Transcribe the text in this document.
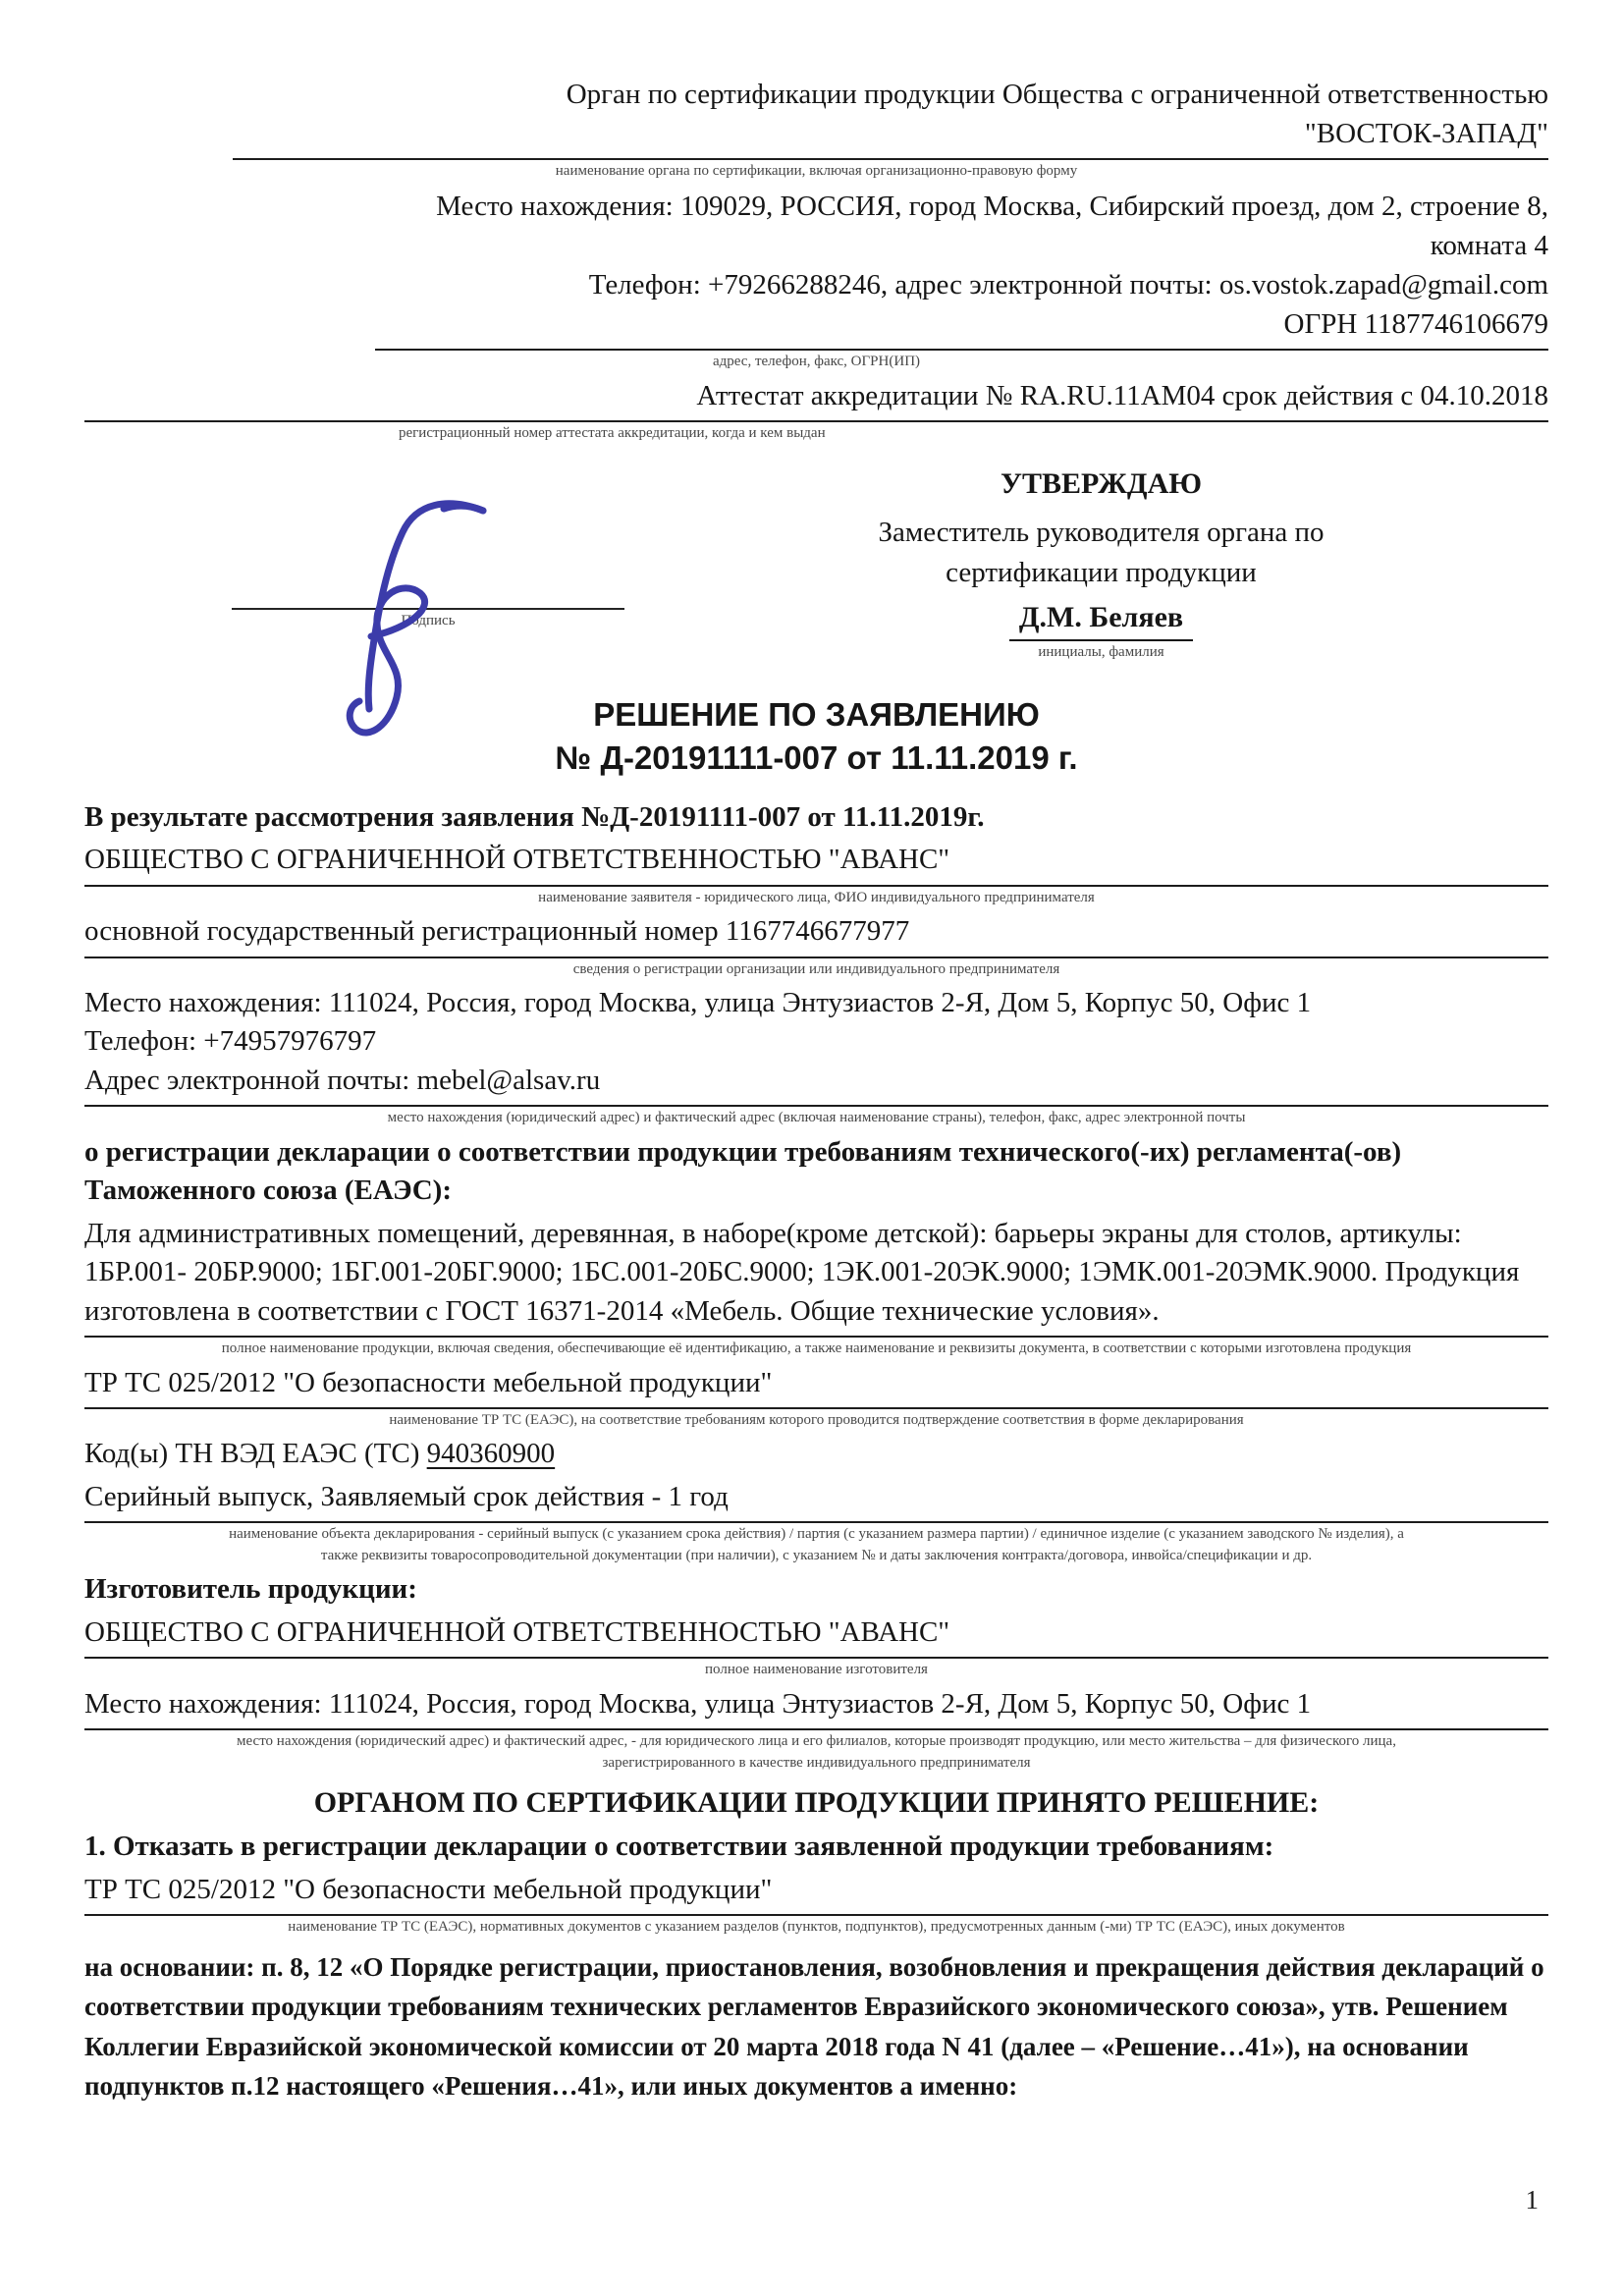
Орган по сертификации продукции Общества с ограниченной ответственностью
"ВОСТОК-ЗАПАД"
наименование органа по сертификации, включая организационно-правовую форму
Место нахождения: 109029, РОССИЯ, город Москва, Сибирский проезд, дом 2, строение 8,
комната 4
Телефон: +79266288246, адрес электронной почты: os.vostok.zapad@gmail.com
ОГРН 1187746106679
адрес, телефон, факс, ОГРН(ИП)
Аттестат аккредитации № RA.RU.11АМ04 срок действия с 04.10.2018
регистрационный номер аттестата аккредитации, когда и кем выдан
Подпись
УТВЕРЖДАЮ
Заместитель руководителя органа по
сертификации продукции
Д.М. Беляев
инициалы, фамилия
РЕШЕНИЕ ПО ЗАЯВЛЕНИЮ
№ Д-20191111-007 от 11.11.2019 г.
В результате рассмотрения заявления №Д-20191111-007 от 11.11.2019г.
ОБЩЕСТВО С ОГРАНИЧЕННОЙ ОТВЕТСТВЕННОСТЬЮ "АВАНС"
наименование заявителя - юридического лица, ФИО индивидуального предпринимателя
основной государственный регистрационный номер 1167746677977
сведения о регистрации организации или индивидуального предпринимателя
Место нахождения: 111024, Россия, город Москва, улица Энтузиастов 2-Я, Дом 5, Корпус 50, Офис 1
Телефон: +74957976797
Адрес электронной почты: mebel@alsav.ru
место нахождения (юридический адрес) и фактический адрес (включая наименование страны), телефон, факс, адрес электронной почты
о регистрации декларации о соответствии продукции требованиям технического(-их) регламента(-ов) Таможенного союза (ЕАЭС):
Для административных помещений, деревянная, в наборе(кроме детской): барьеры экраны для столов, артикулы: 1БР.001- 20БР.9000; 1БГ.001-20БГ.9000; 1БС.001-20БС.9000; 1ЭК.001-20ЭК.9000; 1ЭМК.001-20ЭМК.9000. Продукция изготовлена в соответствии с ГОСТ 16371-2014 «Мебель. Общие технические условия».
полное наименование продукции, включая сведения, обеспечивающие её идентификацию, а также наименование и реквизиты документа, в соответствии с которыми изготовлена продукция
ТР ТС 025/2012 "О безопасности мебельной продукции"
наименование ТР ТС (ЕАЭС), на соответствие требованиям которого проводится подтверждение соответствия в форме декларирования
Код(ы) ТН ВЭД ЕАЭС (ТС) 940360900
Серийный выпуск, Заявляемый срок действия - 1 год
наименование объекта декларирования - серийный выпуск (с указанием срока действия) / партия (с указанием размера партии) / единичное изделие (с указанием заводского № изделия), а
также реквизиты товаросопроводительной документации (при наличии), с указанием № и даты заключения контракта/договора, инвойса/спецификации и др.
Изготовитель продукции:
ОБЩЕСТВО С ОГРАНИЧЕННОЙ ОТВЕТСТВЕННОСТЬЮ "АВАНС"
полное наименование изготовителя
Место нахождения: 111024, Россия, город Москва, улица Энтузиастов 2-Я, Дом 5, Корпус 50, Офис 1
место нахождения (юридический адрес) и фактический адрес, - для юридического лица и его филиалов, которые производят продукцию, или место жительства – для физического лица,
зарегистрированного в качестве индивидуального предпринимателя
ОРГАНОМ ПО СЕРТИФИКАЦИИ ПРОДУКЦИИ ПРИНЯТО РЕШЕНИЕ:
1. Отказать в регистрации декларации о соответствии заявленной продукции требованиям:
ТР ТС 025/2012 "О безопасности мебельной продукции"
наименование ТР ТС (ЕАЭС), нормативных документов с указанием разделов (пунктов, подпунктов), предусмотренных данным (-ми) ТР ТС (ЕАЭС), иных документов
на основании: п. 8, 12 «О Порядке регистрации, приостановления, возобновления и прекращения действия деклараций о соответствии продукции требованиям технических регламентов Евразийского экономического союза», утв. Решением Коллегии Евразийской экономической комиссии от 20 марта 2018 года N 41 (далее – «Решение…41»), на основании подпунктов п.12 настоящего «Решения…41», или иных документов а именно:
1
